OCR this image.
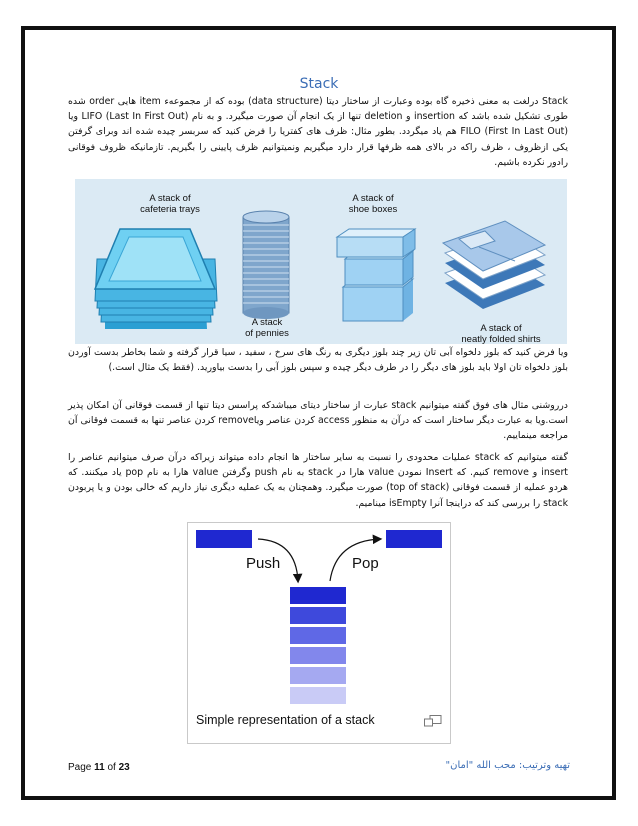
Stack

Stack درلغت به معنی ذخیره گاه بوده وعبارت از ساختار دیتا (data structure) بوده که از مجموعهء item هایی order شده طوری تشکیل شده باشد که insertion و deletion تنها از یک انجام آن صورت میگیرد. و به نام LIFO (Last In First Out) ویا FILO (First In Last Out) هم یاد میگردد. بطور مثال: ظرف های کفتریا را فرض کنید که سربسر چیده شده اند وبرای گرفتن یکی ازظروف ، ظرف راکه در بالای همه ظرفها قرار دارد میگیریم ونمیتوانیم ظرف پایینی را بگیریم. تازمانیکه ظروف فوقانی رادور نکرده باشیم.

A stack of
cafeteria trays
A stack
of pennies
A stack of
shoe boxes
A stack of
neatly folded shirts

ویا فرض کنید که بلوز دلخواه آبی تان زیر چند بلوز دیگری به رنگ های سرخ ، سفید ، سیا قرار گرفته و شما بخاطر بدست آوردن بلوز دلخواه تان اولا باید بلوز های دیگر را در طرف دیگر چیده و سپس بلوز آبی را بدست بیاورید. (فقط یک مثال است.)

درروشنی مثال های فوق گفته میتوانیم stack عبارت از ساختار دیتای میباشدکه پراسس دیتا تنها از قسمت فوقانی آن امکان پذیر است.ویا به عبارت دیگر ساختار است که درآن به منظور access کردن عناصر ویاremove کردن عناصر تنها به قسمت فوقانی آن مراجعه مینماییم.

گفته میتوانیم که stack عملیات محدودی را نسبت به سایر ساختار ها انجام داده میتواند زیراکه درآن صرف میتوانیم عناصر را insert و remove کنیم. که Insert نمودن value هارا در stack به نام push وگرفتن value هارا به نام pop یاد میکنند. که هردو عملیه از قسمت فوقانی (top of stack) صورت میگیرد. وهمچنان به یک عملیه دیگری نیاز داریم که خالی بودن و یا پربودن stack را بررسی کند که دراینجا آنرا isEmpty مینامیم.

Push	Pop
Simple representation of a stack
Page 11 of 23	تهیه وترتیب: محب الله "امان"
